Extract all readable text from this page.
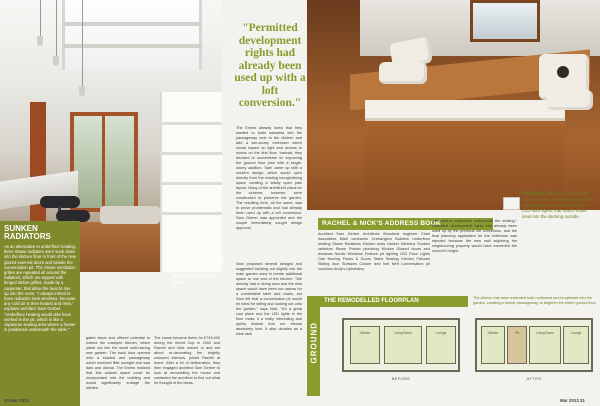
Through road
New glazed doors at the kitchen allow more light in and make the whole sleek lit interior seem larger
SUNKEN RADIATORS
As an alternative to underfloor heating, three Stowe radiators were sunk down into the kitchen floor in front of the new glazed external doors and beside the conversation pit. The Stowe ventilation grilles are repeated all around the radiators, which are topped with hinged timber grilles, made by a carpenter, that allow the heat to rise up into the room. "I always intend to have radiators near windows, because any cold air is then heated and rises," explains architect Sam Gerber. "Underfloor heating would also have worked in the pit, which is like a Japanese seating area where a heater is positioned underneath the table."
gated steps and offered potential to extend the cramped kitchen, which jutted out into the small north-facing rear garden. The back door opened onto a shaded and passageway which received little sunlight and was dark and dismal. The Emms realised that this wasted space could be incorporated into the building and would significantly enlarge the kitchen.
The house became theirs for £745,000 during the World Cup in 2002 and Rachel and Nick moved in and set about re-decorating the brightly coloured interiors, joined Rachel at home. After a lot of deliberation, they then engaged architect Sam Gerber to look at remodelling the house and contacted the architect to find out what he thought of the ideas.
The Emms already knew that they wanted to build outwards into the passageway next to the kitchen and add a two-storey extension which would impact on light and access to rooms on the first floor. Instead, they decided to concentrate on improving the ground floor plan with a single-storey addition. Sam came up with a modern design, which would open directly from the existing lounge/dining space creating a totally open plan layout. Many of the architect's plans for the scheme, however, were constructed to preserve the garden. The resulting form, all the same, was to prove problematic and had already been used up with a loft conversion. Sam Gerber was appointed and the couple immediately sought design approval.
Sam proposed several designs and suggested building out slightly into the main garden area to create additional space to one end of the kitchen. "We already had a dining area and the new space would have been too narrow for a comfortable table and chairs, but Sam felt that a conversation pit would be ideal for sitting and looking out onto the garden," says Nick. "It's a great cool place and the LED lights in the floor make it a really interesting and quirky feature that our friends absolutely love. It also doubles as a wine rack
"Permitted development rights had already been used up with a loft conversion."
RACHEL & NICK'S ADDRESS BOOK
Architect Sam Gerber Architects Structural engineer Clark Associates Main contractor Cressington Builders Underfloor heating Stowe Radiators Kitchen units Hacker Kitchens Sunken radiators Stowe Pocket plumbing Wickes Glazed doors and windows Nordic Windows Feature pit lighting LED Floor Lights Oak flooring Floors & Doors Stairs Seating Kitchen Fixtures Sliding door Surfaces Cooker and hob Neff Conversation pit cushions Andy's Upholstery
with built-in cupboards underneath the seating." Permitted development rights had already been used up by the previous loft conversion, and the final planning application for the extension was rejected because the new wall adjoining the neighbouring property would have exceeded the council's height
Feature pit Up to eight people can sit in the conversation pit, which is illuminated from within by blue LED floor lights, that match those inset into the decking outside.
GROUND
THE REMODELLED FLOORPLAN	The kitchen has been extended both northwest and lengthwise into the garden, creating a former passageway, to brighten the entire ground floor.
Kitchen	Living Room	Lounge
BEFORE
Kitchen	Pit	Living Room	Lounge
AFTER
30 Mar 2013	Mar 2013 31
